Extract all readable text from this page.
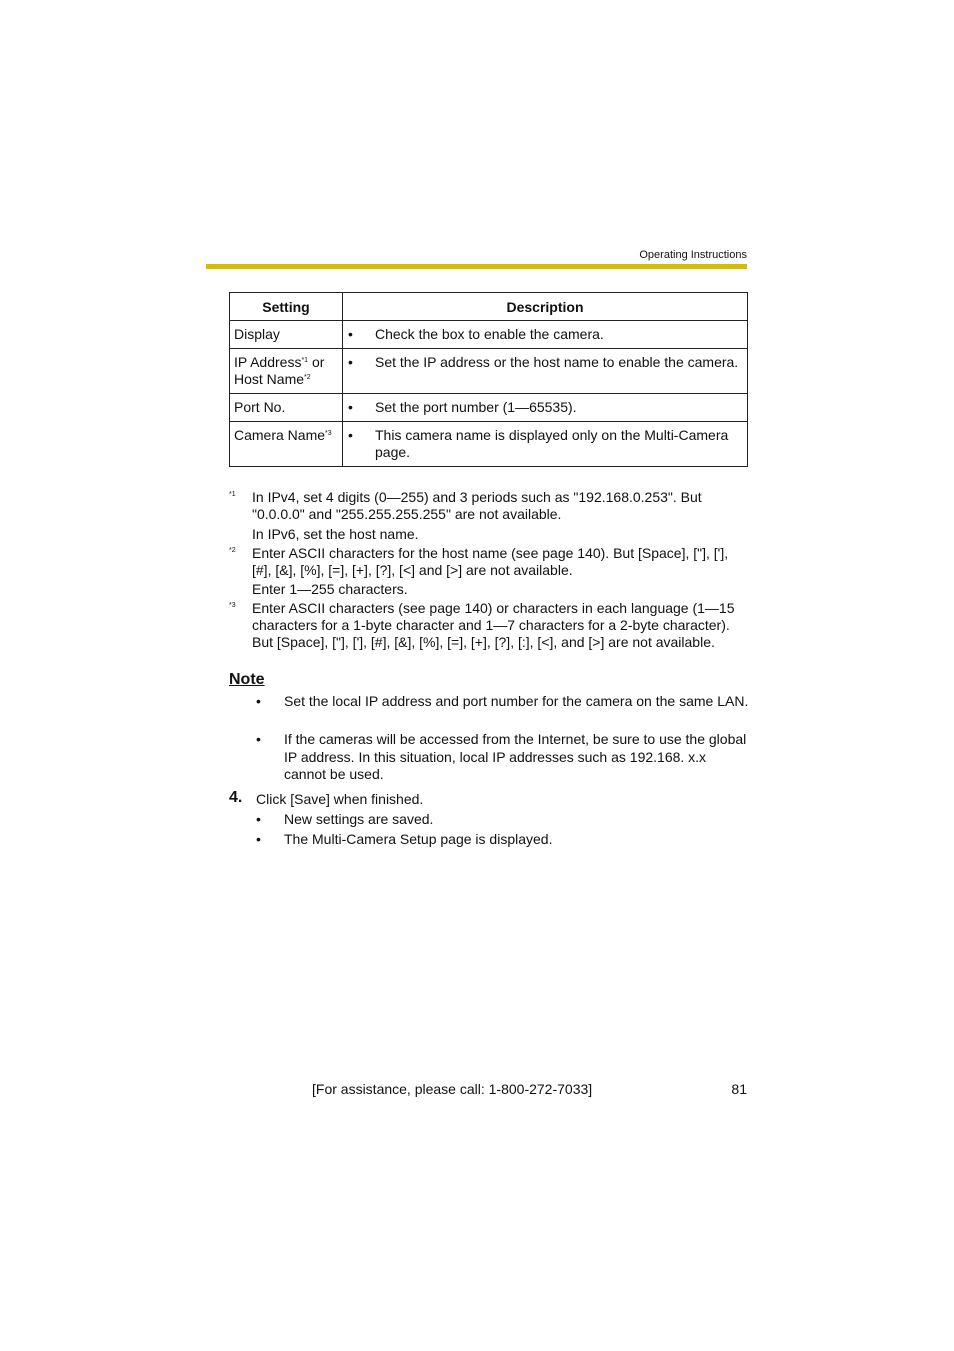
Operating Instructions
Setting	Description

Display	• Check the box to enable the camera.

IP Address$^{*1}$ or
Host Name$^{*2}$	• Set the IP address or the host name to enable the camera.

Port No.	• Set the port number (1—65535).

Camera Name$^{*3}$	• This camera name is displayed only on the Multi-Camera page.
*1	In IPv4, set 4 digits (0—255) and 3 periods such as "192.168.0.253". But "0.0.0.0" and "255.255.255.255" are not available.
In IPv6, set the host name.
*2	Enter ASCII characters for the host name (see page 140). But [Space], ["], ['], [#], [&], [%], [=], [+], [?], [<] and [>] are not available.
Enter 1—255 characters.
*3	Enter ASCII characters (see page 140) or characters in each language (1—15 characters for a 1-byte character and 1—7 characters for a 2-byte character). But [Space], ["], ['], [#], [&], [%], [=], [+], [?], [:], [<], and [>] are not available.
Note
•	Set the local IP address and port number for the camera on the same LAN.
•	If the cameras will be accessed from the Internet, be sure to use the global IP address. In this situation, local IP addresses such as 192.168. x.x cannot be used.
4. Click [Save] when finished.
•	New settings are saved.
•	The Multi-Camera Setup page is displayed.
[For assistance, please call: 1-800-272-7033]	81
